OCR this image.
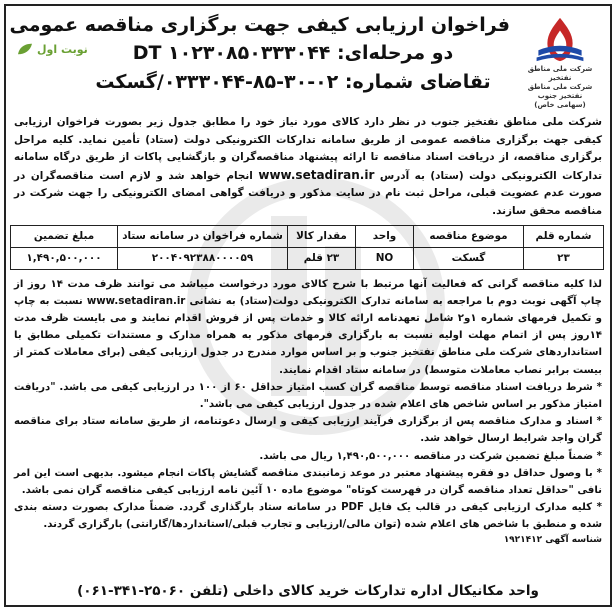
شرکت ملی مناطق نفتخیز
شرکت ملی مناطق نفتخیز جنوب
(سهامی خاص)
فراخوان ارزیابی کیفی جهت برگزاری مناقصه عمومی
دو مرحله‌ای: DT ۱۰۲۳۰۸۵۰۳۳۳۰۴۴
تقاضای شماره: ۰۲-۳۰-۸۵-۰۳۳۳۰۴۴/گسکت
نوبت اول
شرکت ملی مناطق نفتخیز جنوب در نظر دارد کالای مورد نیاز خود را مطابق جدول زیر بصورت فراخوان ارزیابی کیفی جهت برگزاری مناقصه عمومی از طریق سامانه تدارکات الکترونیکی دولت (ستاد) تأمین نماید. کلیه مراحل برگزاری مناقصه، از دریافت اسناد مناقصه تا ارائه پیشنهاد مناقصه‌گران و بازگشایی پاکات از طریق درگاه سامانه تدارکات الکترونیکی دولت (ستاد) به آدرس www.setadiran.ir انجام خواهد شد و لازم است مناقصه‌گران در صورت عدم عضویت قبلی، مراحل ثبت نام در سایت مذکور و دریافت گواهی امضای الکترونیکی را جهت شرکت در مناقصه محقق سازند.
شماره قلم	موضوع مناقصه	واحد	مقدار کالا	شماره فراخوان در سامانه ستاد	مبلغ تضمین
۲۳	گسکت	NO	۲۳ قلم	۲۰۰۴۰۹۲۳۸۸۰۰۰۰۵۹	۱,۴۹۰,۵۰۰,۰۰۰

لذا کلیه مناقصه گرانی که فعالیت آنها مرتبط با شرح کالای مورد درخواست میباشد می توانند ظرف مدت ۱۴ روز از چاپ آگهی نوبت دوم با مراجعه به سامانه تدارک الکترونیکی دولت(ستاد) به نشانی www.setadiran.ir نسبت به چاپ و تکمیل فرمهای شماره ۱و۲ شامل تعهدنامه ارائه کالا و خدمات پس از فروش اقدام نمایند و می بایست ظرف مدت ۱۴روز پس از اتمام مهلت اولیه نسبت به بارگزاری فرمهای مذکور به همراه مدارک و مستندات تکمیلی مطابق با استانداردهای شرکت ملی مناطق نفتخیز جنوب و بر اساس موارد مندرج در جدول ارزیابی کیفی (برای معاملات کمتر از بیست برابر نصاب معاملات متوسط) در سامانه ستاد اقدام نمایند.

* شرط دریافت اسناد مناقصه توسط مناقصه گران کسب امتیاز حداقل ۶۰ از ۱۰۰ در ارزیابی کیفی می باشد. "دریافت امتیاز مذکور بر اساس شاخص های اعلام شده در جدول ارزیابی کیفی می باشد".

* اسناد و مدارک مناقصه پس از برگزاری فرآیند ارزیابی کیفی و ارسال دعوتنامه، از طریق سامانه ستاد برای مناقصه گران واجد شرایط ارسال خواهد شد.

* ضمناً مبلغ تضمین شرکت در مناقصه ۱,۴۹۰,۵۰۰,۰۰۰ ریال می باشد.

* با وصول حداقل دو فقره پیشنهاد معتبر در موعد زمانبندی مناقصه گشایش پاکات انجام میشود. بدیهی است این امر نافی "حداقل تعداد مناقصه گران در فهرست کوتاه" موضوع ماده ۱۰ آئین نامه ارزیابی کیفی مناقصه گران نمی باشد.

* کلیه مدارک ارزیابی کیفی در قالب یک فایل PDF در سامانه ستاد بارگذاری گردد. ضمناً مدارک بصورت دسته بندی شده و منطبق با شاخص های اعلام شده (توان مالی/ارزیابی و تجارب قبلی/استانداردها/گارانتی) بارگزاری گردند.

شناسه آگهی ۱۹۲۱۴۱۲
واحد مکانیکال اداره تدارکات خرید کالای داخلی (تلفن ۲۵۰۶۰-۳۴۱-۰۶۱)
